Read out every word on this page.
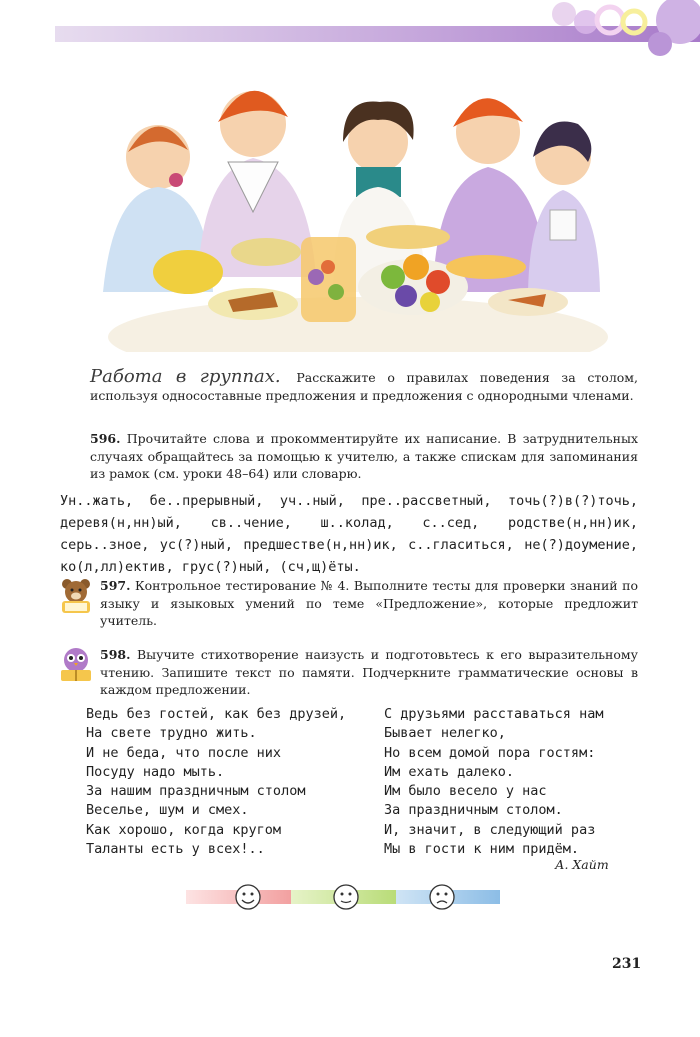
Работа в группах. Расскажите о правилах поведения за столом, используя односоставные предложения и предложения с однородными членами.
596. Прочитайте слова и прокомментируйте их написание. В затруднительных случаях обращайтесь за помощью к учителю, а также спискам для запоминания из рамок (см. уроки 48–64) или словарю.
Ун..жать, бе..прерывный, уч..ный, пре..рассветный, точь(?)в(?)точь, деревя(н,нн)ый, св..чение, ш..колад, с..сед, родстве(н,нн)ик, серь..зное, ус(?)ный, предшестве(н,нн)ик, с..гласиться, не(?)доумение, ко(л,лл)ектив, грус(?)ный, (сч,щ)ёты.
597. Контрольное тестирование № 4. Выполните тесты для проверки знаний по языку и языковых умений по теме «Предложение», которые предложит учитель.
598. Выучите стихотворение наизусть и подготовьтесь к его выразительному чтению. Запишите текст по памяти. Подчеркните грамматические основы в каждом предложении.
Ведь без гостей, как без друзей,
На свете трудно жить.
И не беда, что после них
Посуду надо мыть.
За нашим праздничным столом
Веселье, шум и смех.
Как хорошо, когда кругом
Таланты есть у всех!..
С друзьями расставаться нам
Бывает нелегко,
Но всем домой пора гостям:
Им ехать далеко.
Им было весело у нас
За праздничным столом.
И, значит, в следующий раз
Мы в гости к ним придём.
А. Хайт
231
